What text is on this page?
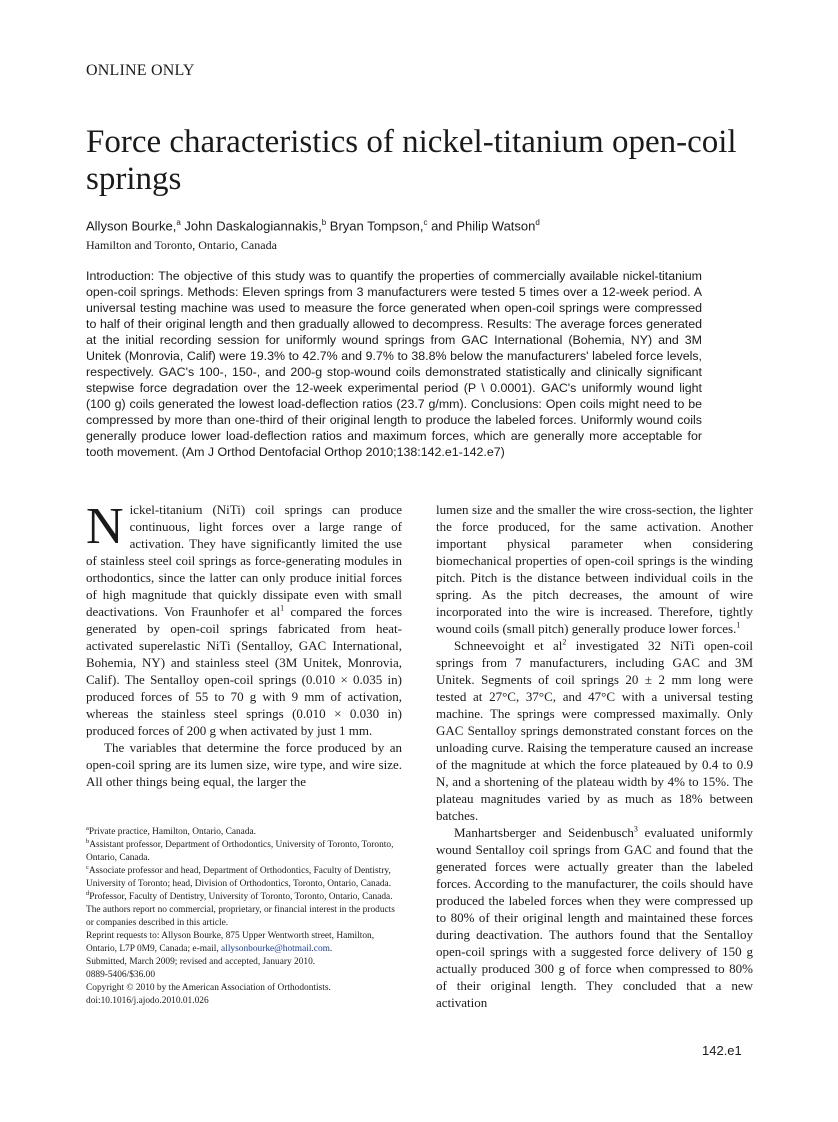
ONLINE ONLY
Force characteristics of nickel-titanium open-coil springs
Allyson Bourke,$^a$ John Daskalogiannakis,$^b$ Bryan Tompson,$^c$ and Philip Watson$^d$
Hamilton and Toronto, Ontario, Canada

Introduction: The objective of this study was to quantify the properties of commercially available nickel-titanium open-coil springs. Methods: Eleven springs from 3 manufacturers were tested 5 times over a 12-week period. A universal testing machine was used to measure the force generated when open-coil springs were compressed to half of their original length and then gradually allowed to decompress. Results: The average forces generated at the initial recording session for uniformly wound springs from GAC International (Bohemia, NY) and 3M Unitek (Monrovia, Calif) were 19.3% to 42.7% and 9.7% to 38.8% below the manufacturers' labeled force levels, respectively. GAC's 100-, 150-, and 200-g stop-wound coils demonstrated statistically and clinically significant stepwise force degradation over the 12-week experimental period (P \ 0.0001). GAC's uniformly wound light (100 g) coils generated the lowest load-deflection ratios (23.7 g/mm). Conclusions: Open coils might need to be compressed by more than one-third of their original length to produce the labeled forces. Uniformly wound coils generally produce lower load-deflection ratios and maximum forces, which are generally more acceptable for tooth movement. (Am J Orthod Dentofacial Orthop 2010;138:142.e1-142.e7)

Nickel-titanium (NiTi) coil springs can produce continuous, light forces over a large range of activation. They have significantly limited the use of stainless steel coil springs as force-generating modules in orthodontics, since the latter can only produce initial forces of high magnitude that quickly dissipate even with small deactivations. Von Fraunhofer et $al^1$ compared the forces generated by open-coil springs fabricated from heat-activated superelastic NiTi (Sentalloy, GAC International, Bohemia, NY) and stainless steel (3M Unitek, Monrovia, Calif). The Sentalloy open-coil springs (0.010 × 0.035 in) produced forces of 55 to 70 g with 9 mm of activation, whereas the stainless steel springs (0.010 × 0.030 in) produced forces of 200 g when activated by just 1 mm.

The variables that determine the force produced by an open-coil spring are its lumen size, wire type, and wire size. All other things being equal, the larger the

$^a$Private practice, Hamilton, Ontario, Canada.

$^b$Assistant professor, Department of Orthodontics, University of Toronto, Toronto, Ontario, Canada.

$^c$Associate professor and head, Department of Orthodontics, Faculty of Dentistry, University of Toronto; head, Division of Orthodontics, Toronto, Ontario, Canada.

$^d$Professor, Faculty of Dentistry, University of Toronto, Toronto, Ontario, Canada.

The authors report no commercial, proprietary, or financial interest in the products or companies described in this article.

Reprint requests to: Allyson Bourke, 875 Upper Wentworth street, Hamilton, Ontario, L7P 0M9, Canada; e-mail, allysonbourke@hotmail.com.

Submitted, March 2009; revised and accepted, January 2010.

0889-5406/$36.00

Copyright © 2010 by the American Association of Orthodontists.

doi:10.1016/j.ajodo.2010.01.026

lumen size and the smaller the wire cross-section, the lighter the force produced, for the same activation. Another important physical parameter when considering biomechanical properties of open-coil springs is the winding pitch. Pitch is the distance between individual coils in the spring. As the pitch decreases, the amount of wire incorporated into the wire is increased. Therefore, tightly wound coils (small pitch) generally produce lower forces.$^1$

Schneevoight et $al^2$ investigated 32 NiTi open-coil springs from 7 manufacturers, including GAC and 3M Unitek. Segments of coil springs 20 ± 2 mm long were tested at 27°C, 37°C, and 47°C with a universal testing machine. The springs were compressed maximally. Only GAC Sentalloy springs demonstrated constant forces on the unloading curve. Raising the temperature caused an increase of the magnitude at which the force plateaued by 0.4 to 0.9 N, and a shortening of the plateau width by 4% to 15%. The plateau magnitudes varied by as much as 18% between batches.

Manhartsberger and Seidenbusch$^3$ evaluated uniformly wound Sentalloy coil springs from GAC and found that the generated forces were actually greater than the labeled forces. According to the manufacturer, the coils should have produced the labeled forces when they were compressed up to 80% of their original length and maintained these forces during deactivation. The authors found that the Sentalloy open-coil springs with a suggested force delivery of 150 g actually produced 300 g of force when compressed to 80% of their original length. They concluded that a new activation

142.e1
